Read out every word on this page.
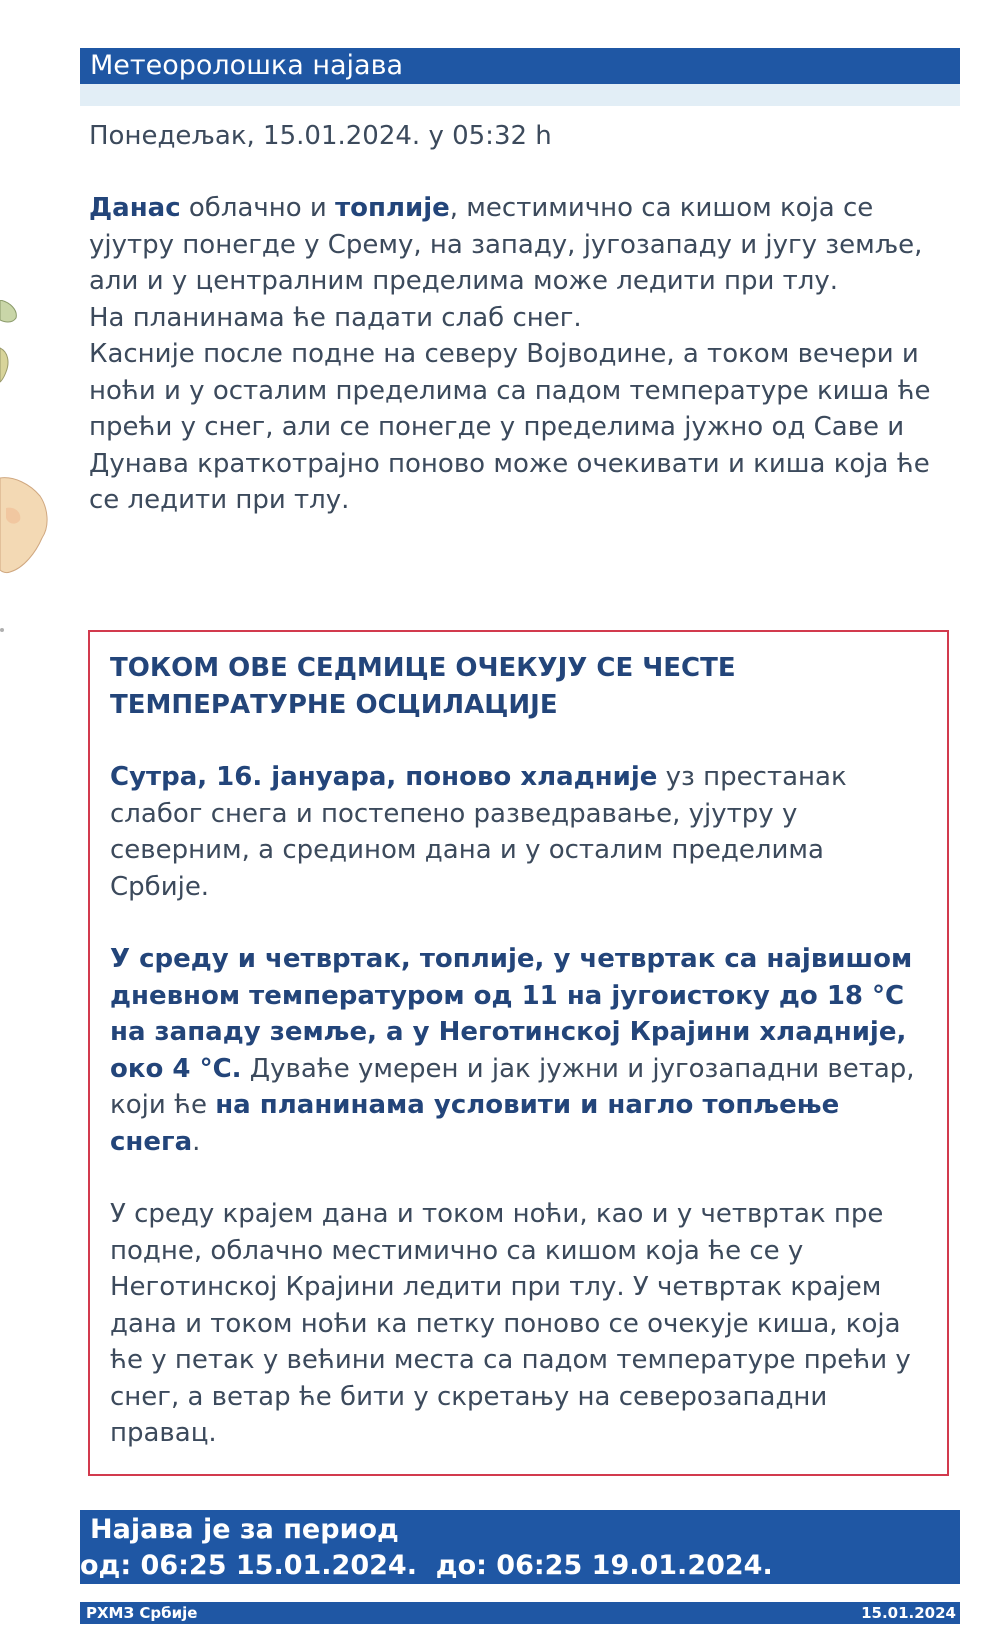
Метеоролошка најава
Понедељак, 15.01.2024. у 05:32 h

Данас облачно и топлије, местимично са кишом која се ујутру понегде у Срему, на западу, југозападу и југу земље, али и у централним пределима може ледити при тлу.

На планинама ће падати слаб снег.

Касније после подне на северу Војводине, а током вечери и ноћи и у осталим пределима са падом температуре киша ће прећи у снег, али се понегде у пределима јужно од Саве и Дунава краткотрајно поново може очекивати и киша која ће се ледити при тлу.

ТОКОМ ОВЕ СЕДМИЦЕ ОЧЕКУЈУ СЕ ЧЕСТЕ ТЕМПЕРАТУРНЕ ОСЦИЛАЦИЈЕ

Сутра, 16. јануара, поново хладније уз престанак слабог снега и постепено разведравање, ујутру у северним, а средином дана и у осталим пределима Србије.

У среду и четвртак, топлије, у четвртак са највишом дневном температуром од 11 на југоистоку до 18 °C на западу земље, а у Неготинској Крајини хладније, око 4 °C. Дуваће умерен и јак јужни и југозападни ветар, који ће на планинама условити и нагло топљење снега.

У среду крајем дана и током ноћи, као и у четвртак пре подне, облачно местимично са кишом која ће се у Неготинској Крајини ледити при тлу. У четвртак крајем дана и током ноћи ка петку поново се очекује киша, која ће у петак у већини места са падом температуре прећи у снег, а ветар ће бити у скретању на северозападни правац.

Најава је за период
од: 06:25 15.01.2024.  до: 06:25 19.01.2024.
РХМЗ Србије	15.01.2024
